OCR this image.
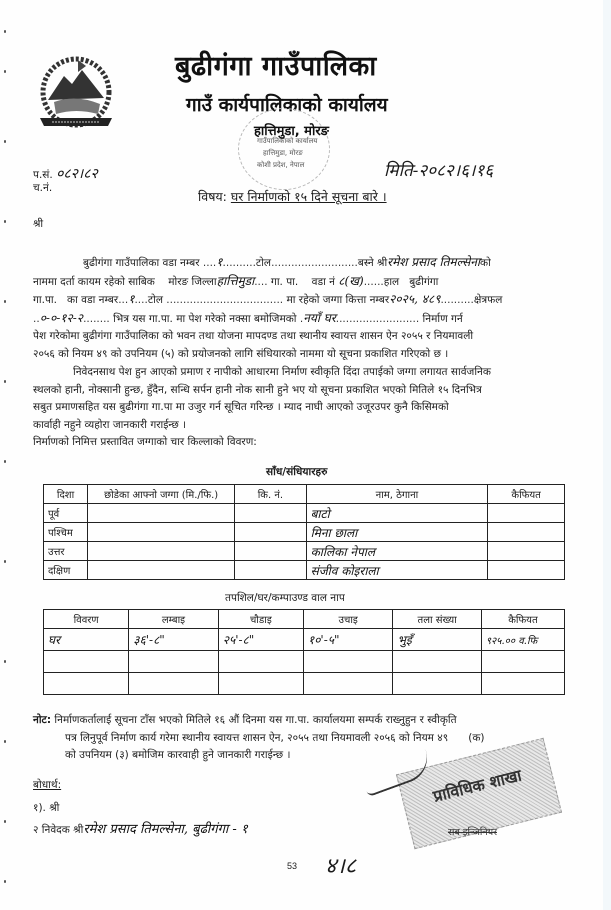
बुढीगंगा गाउँपालिका
गाउँ कार्यपालिकाको कार्यालय
गाउँपालिकाको कार्यालय
हात्तिमुडा, मोरङ
कोशी प्रदेश, नेपाल
हात्तिमुडा, मोरङ
प.सं. ०८२।८२
च.नं.
मिति-२०८२।६।१६
विषय: घर निर्माणको १५ दिने सूचना बारे ।
श्री
बुढीगंगा गाउँपालिका वडा नम्बर ....१..........टोल..........................बस्ने श्रीरमेश प्रसाद तिमल्सेनाको
नाममा दर्ता कायम रहेको साबिक मोरङ जिल्लाहात्तिमुडा.... गा. पा. वडा नं ८(ख)......हाल बुढीगंगा
गा.पा. का वडा नम्बर...१....टोल ................................... मा रहेको जग्गा कित्ता नम्बर२०२५, ४८९..........क्षेत्रफल
..०-०-१२-२........ भित्र यस गा.पा. मा पेश गरेको नक्सा बमोजिमको .नयाँ घर......................... निर्माण गर्न
पेश गरेकोमा बुढीगंगा गाउँपालिका को भवन तथा योजना मापदण्ड तथा स्थानीय स्वायत्त शासन ऐन २०५५ र नियमावली
२०५६ को नियम ४९ को उपनियम (५) को प्रयोजनको लागि संधियारको नाममा यो सूचना प्रकाशित गरिएको छ ।
निवेदनसाथ पेश हुन आएको प्रमाण र नापीको आधारमा निर्माण स्वीकृति दिंदा तपाईको जग्गा लगायत सार्वजनिक
स्थलको हानी, नोक्सानी हुन्छ, हुँदैन, सन्धि सर्पन हानी नोक सानी हुने भए यो सूचना प्रकाशित भएको मितिले १५ दिनभित्र
सबुत प्रमाणसहित यस बुढीगंगा गा.पा मा उजुर गर्न सूचित गरिन्छ । म्याद नाघी आएको उजूरउपर कुनै किसिमको
कार्वाही नहुने व्यहोरा जानकारी गराईन्छ ।
निर्माणको निमित्त प्रस्तावित जग्गाको चार किल्लाको विवरण:
साँध/संधियारहरु
दिशा	छोडेका आफ्नो जग्गा (मि./फि.)	कि. नं.	नाम, ठेगाना	कैफियत
पूर्व			बाटो	
पश्चिम			मिना छाला	
उत्तर			कालिका नेपाल	
दक्षिण			संजीव कोइराला	
तपशिल/घर/कम्पाउण्ड वाल नाप
विवरण	लम्बाइ	चौडाइ	उचाइ	तला संख्या	कैफियत
घर	३६'-८"	२५'-८"	१०'-५"	भुइँ	९२५.०० व.फि

नोट: निर्माणकर्तालाई सूचना टाँस भएको मितिले १६ औं दिनमा यस गा.पा. कार्यालयमा सम्पर्क राख्नुहुन र स्वीकृति
पत्र लिनुपूर्व निर्माण कार्य गरेमा स्थानीय स्वायत्त शासन ऐन, २०५५ तथा नियमावली २०५६ को नियम ४९ (क)
को उपनियम (३) बमोजिम कारवाही हुने जानकारी गराईन्छ ।
प्राविधिक शाखा
सब इन्जिनियर
बोधार्थ:
१). श्री
२ निवेदक श्रीरमेश प्रसाद तिमल्सेना, बुढीगंगा - १
53 ४।८
